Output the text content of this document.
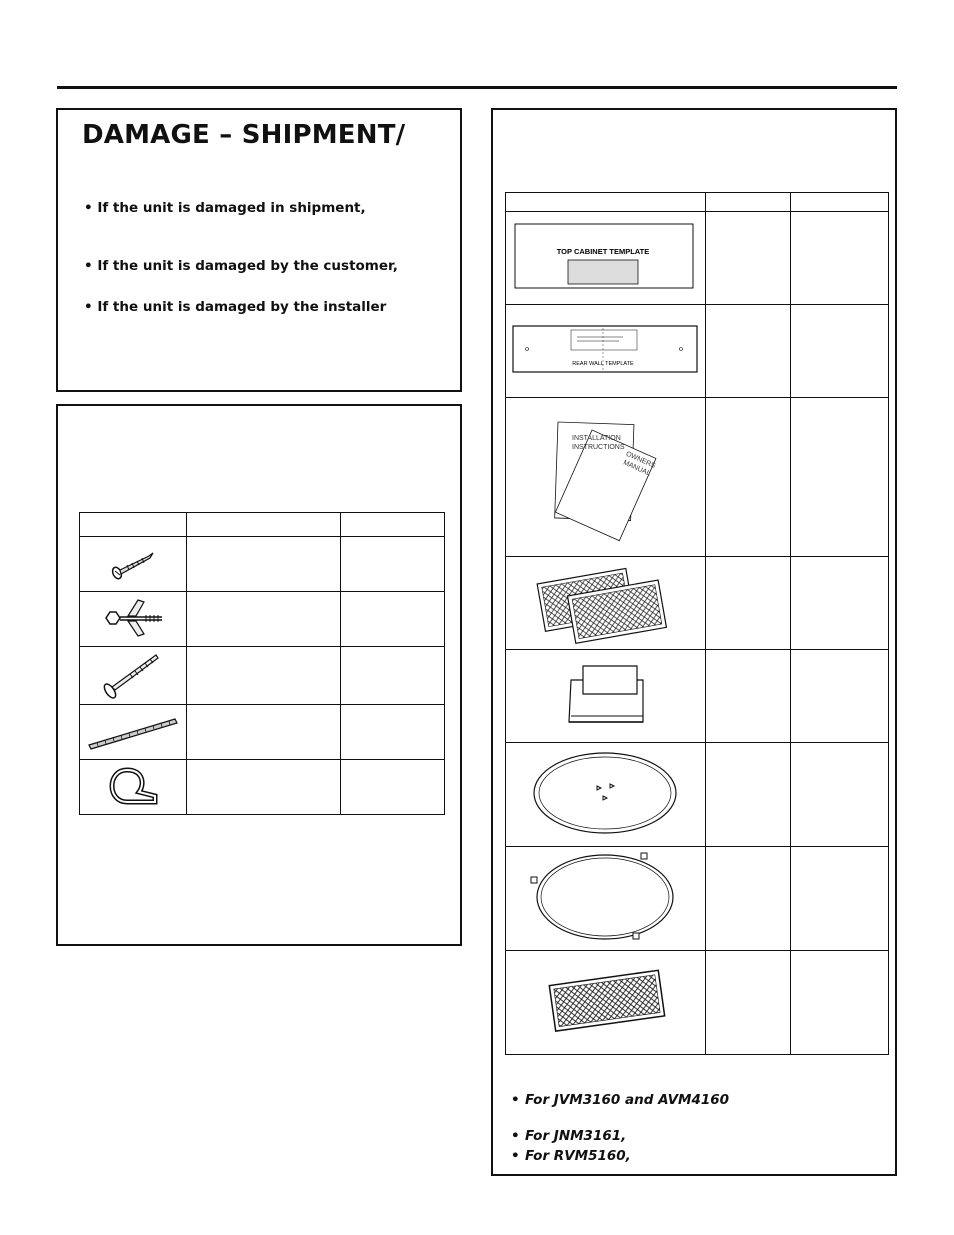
DAMAGE – SHIPMENT/

• If the unit is damaged in shipment,

• If the unit is damaged by the customer,

• If the unit is damaged by the installer

TOP CABINET TEMPLATE		

REAR WALL TEMPLATE		

INSTALLATION INSTRUCTIONS
OWNERS MANUAL		

• For JVM3160 and AVM4160

• For JNM3161,

• For RVM5160,
